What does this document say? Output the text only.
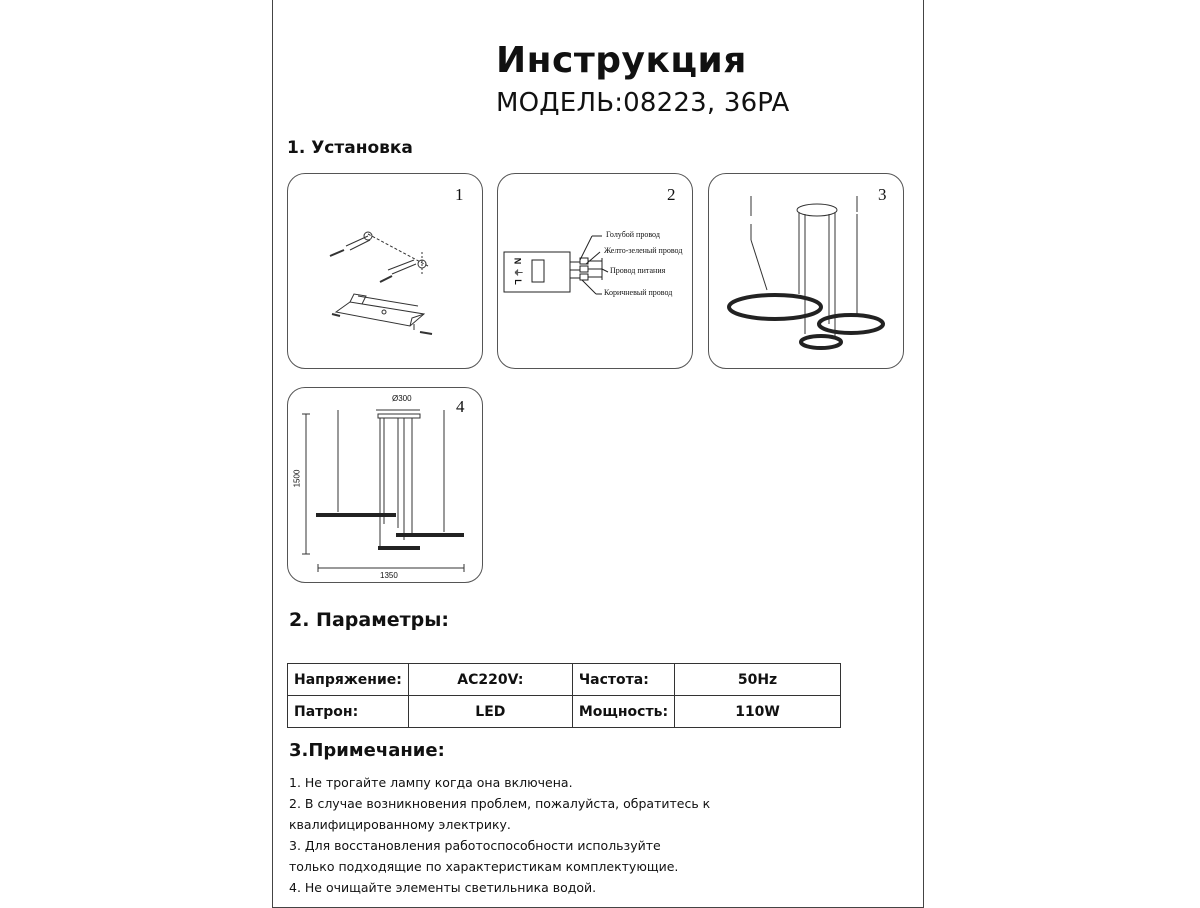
Инструкция
МОДЕЛЬ:08223, 36PA
1. Установка
1
N
⏚
L
Голубой провод
Желто-зеленый провод
Провод питания
Коричневый провод
2	3
Ø300
1500
1350
4
2. Параметры:
Напряжение:	AC220V:	Частота:	50Hz
Патрон:	LED	Мощность:	110W
3.Примечание:
1. Не трогайте лампу когда она включена.
2. В случае возникновения проблем, пожалуйста, обратитесь к
квалифицированному электрику.
3. Для восстановления работоспособности используйте
только подходящие по характеристикам комплектующие.
4. Не очищайте элементы светильника водой.
